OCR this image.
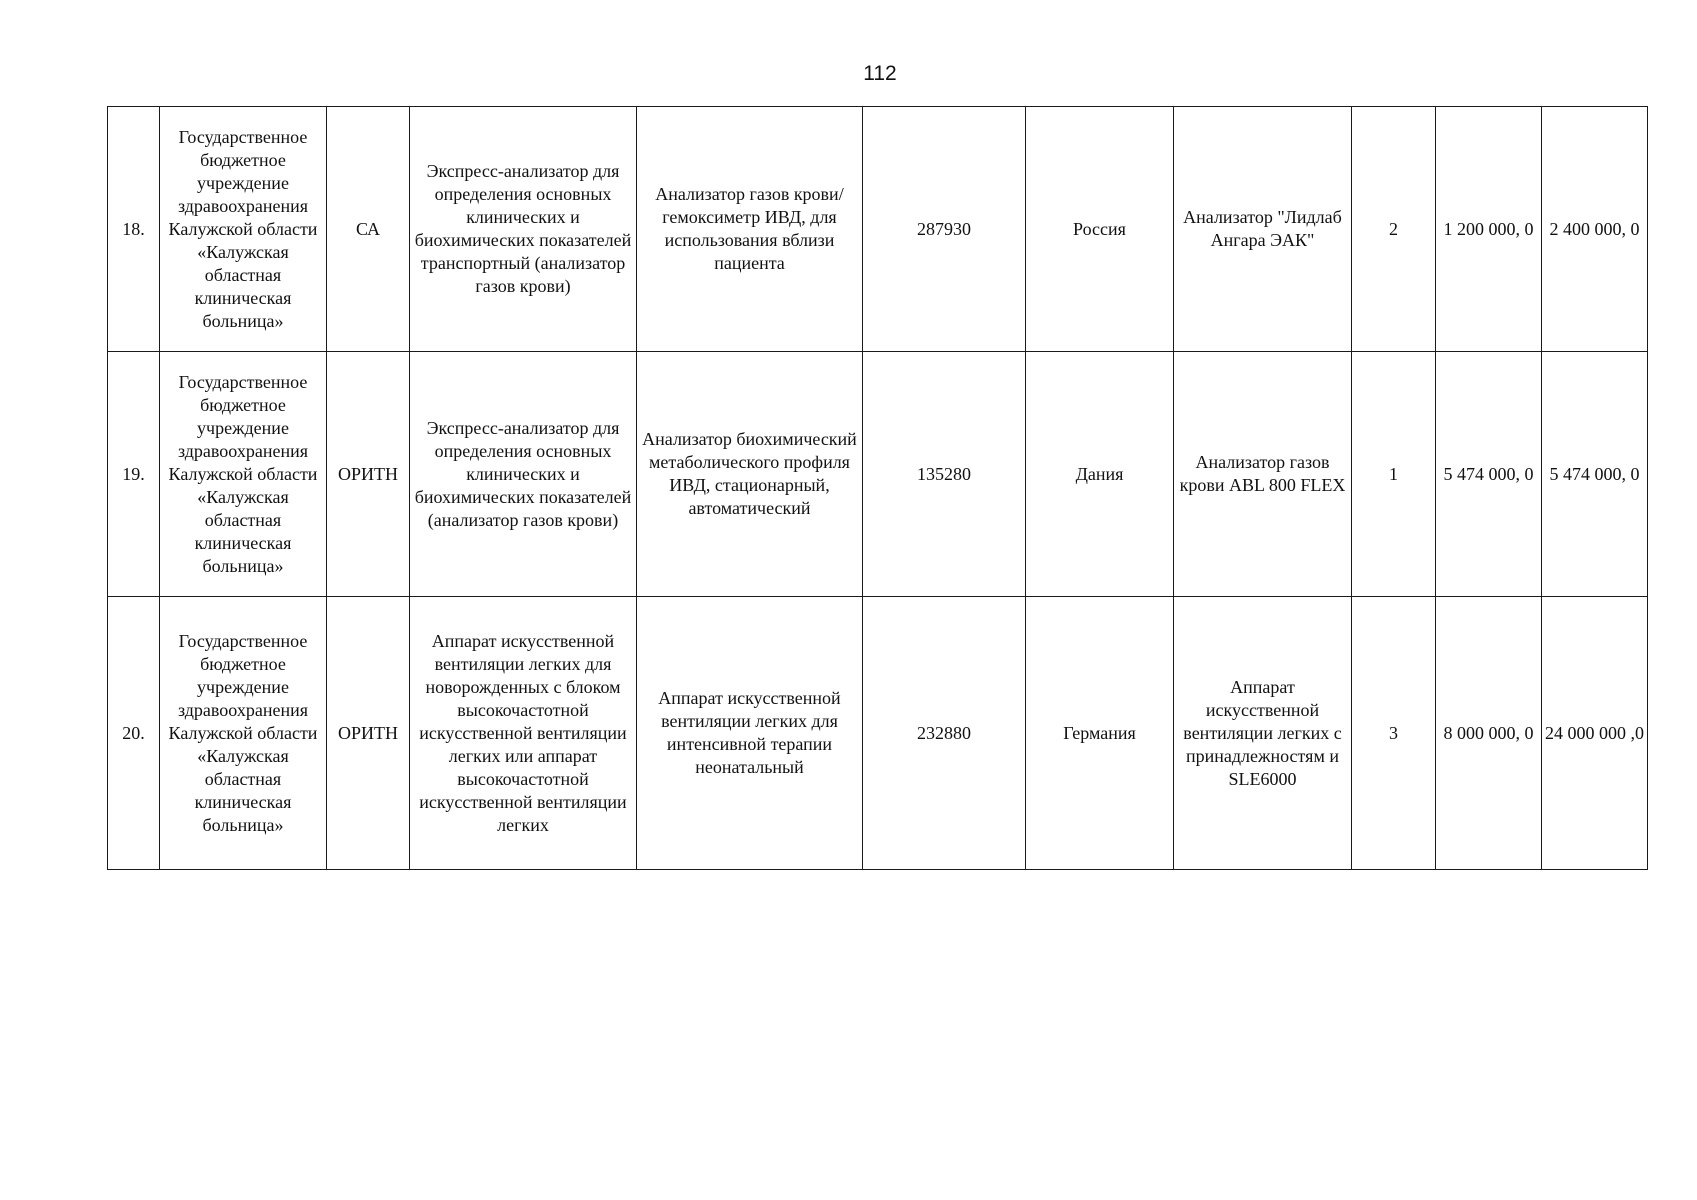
112
18.	Государственное бюджетное учреждение здравоохранения Калужской области «Калужская областная клиническая больница»	СА	Экспресс-анализатор для определения основных клинических и биохимических показателей транспортный (анализатор газов крови)	Анализатор газов крови/гемоксиметр ИВД, для использования вблизи пациента	287930	Россия	Анализатор "Лидлаб Ангара ЭАК"	2	1 200 000, 0	2 400 000, 0
19.	Государственное бюджетное учреждение здравоохранения Калужской области «Калужская областная клиническая больница»	ОРИТН	Экспресс-анализатор для определения основных клинических и биохимических показателей (анализатор газов крови)	Анализатор биохимический метаболического профиля ИВД, стационарный, автоматический	135280	Дания	Анализатор газов крови ABL 800 FLEX	1	5 474 000, 0	5 474 000, 0
20.	Государственное бюджетное учреждение здравоохранения Калужской области «Калужская областная клиническая больница»	ОРИТН	Аппарат искусственной вентиляции легких для новорожденных с блоком высокочастотной искусственной вентиляции легких или аппарат высокочастотной искусственной вентиляции легких	Аппарат искусственной вентиляции легких для интенсивной терапии неонатальный	232880	Германия	Аппарат искусственной вентиляции легких с принадлежностям и SLE6000	3	8 000 000, 0	24 000 000 ,0
